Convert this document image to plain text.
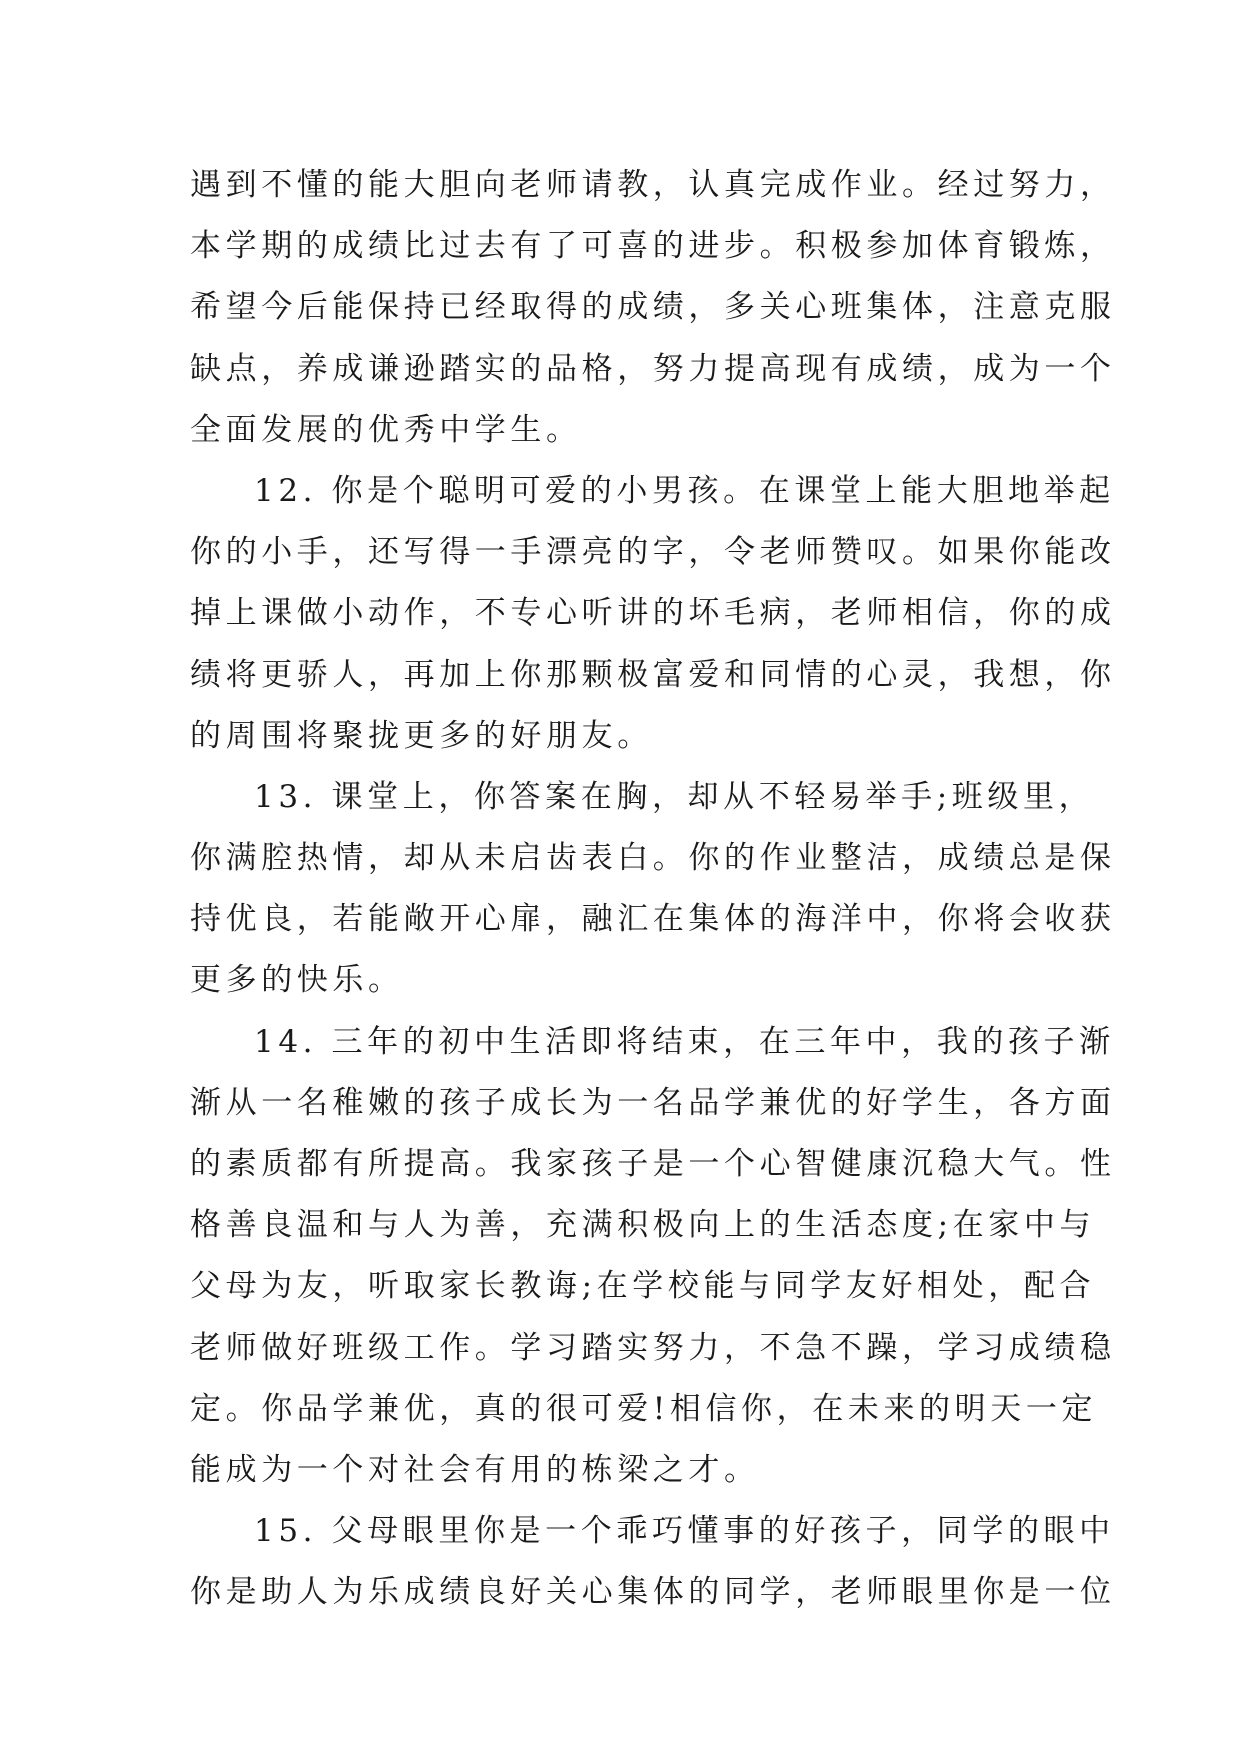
遇到不懂的能大胆向老师请教，认真完成作业。经过努力，
本学期的成绩比过去有了可喜的进步。积极参加体育锻炼，
希望今后能保持已经取得的成绩，多关心班集体，注意克服
缺点，养成谦逊踏实的品格，努力提高现有成绩，成为一个
全面发展的优秀中学生。
12. 你是个聪明可爱的小男孩。在课堂上能大胆地举起
你的小手，还写得一手漂亮的字，令老师赞叹。如果你能改
掉上课做小动作，不专心听讲的坏毛病，老师相信，你的成
绩将更骄人，再加上你那颗极富爱和同情的心灵，我想，你
的周围将聚拢更多的好朋友。
13. 课堂上，你答案在胸，却从不轻易举手;班级里，
你满腔热情，却从未启齿表白。你的作业整洁，成绩总是保
持优良，若能敞开心扉，融汇在集体的海洋中，你将会收获
更多的快乐。
14. 三年的初中生活即将结束，在三年中，我的孩子渐
渐从一名稚嫩的孩子成长为一名品学兼优的好学生，各方面
的素质都有所提高。我家孩子是一个心智健康沉稳大气。性
格善良温和与人为善，充满积极向上的生活态度;在家中与
父母为友，听取家长教诲;在学校能与同学友好相处，配合
老师做好班级工作。学习踏实努力，不急不躁，学习成绩稳
定。你品学兼优，真的很可爱!相信你，在未来的明天一定
能成为一个对社会有用的栋梁之才。
15. 父母眼里你是一个乖巧懂事的好孩子，同学的眼中
你是助人为乐成绩良好关心集体的同学，老师眼里你是一位
